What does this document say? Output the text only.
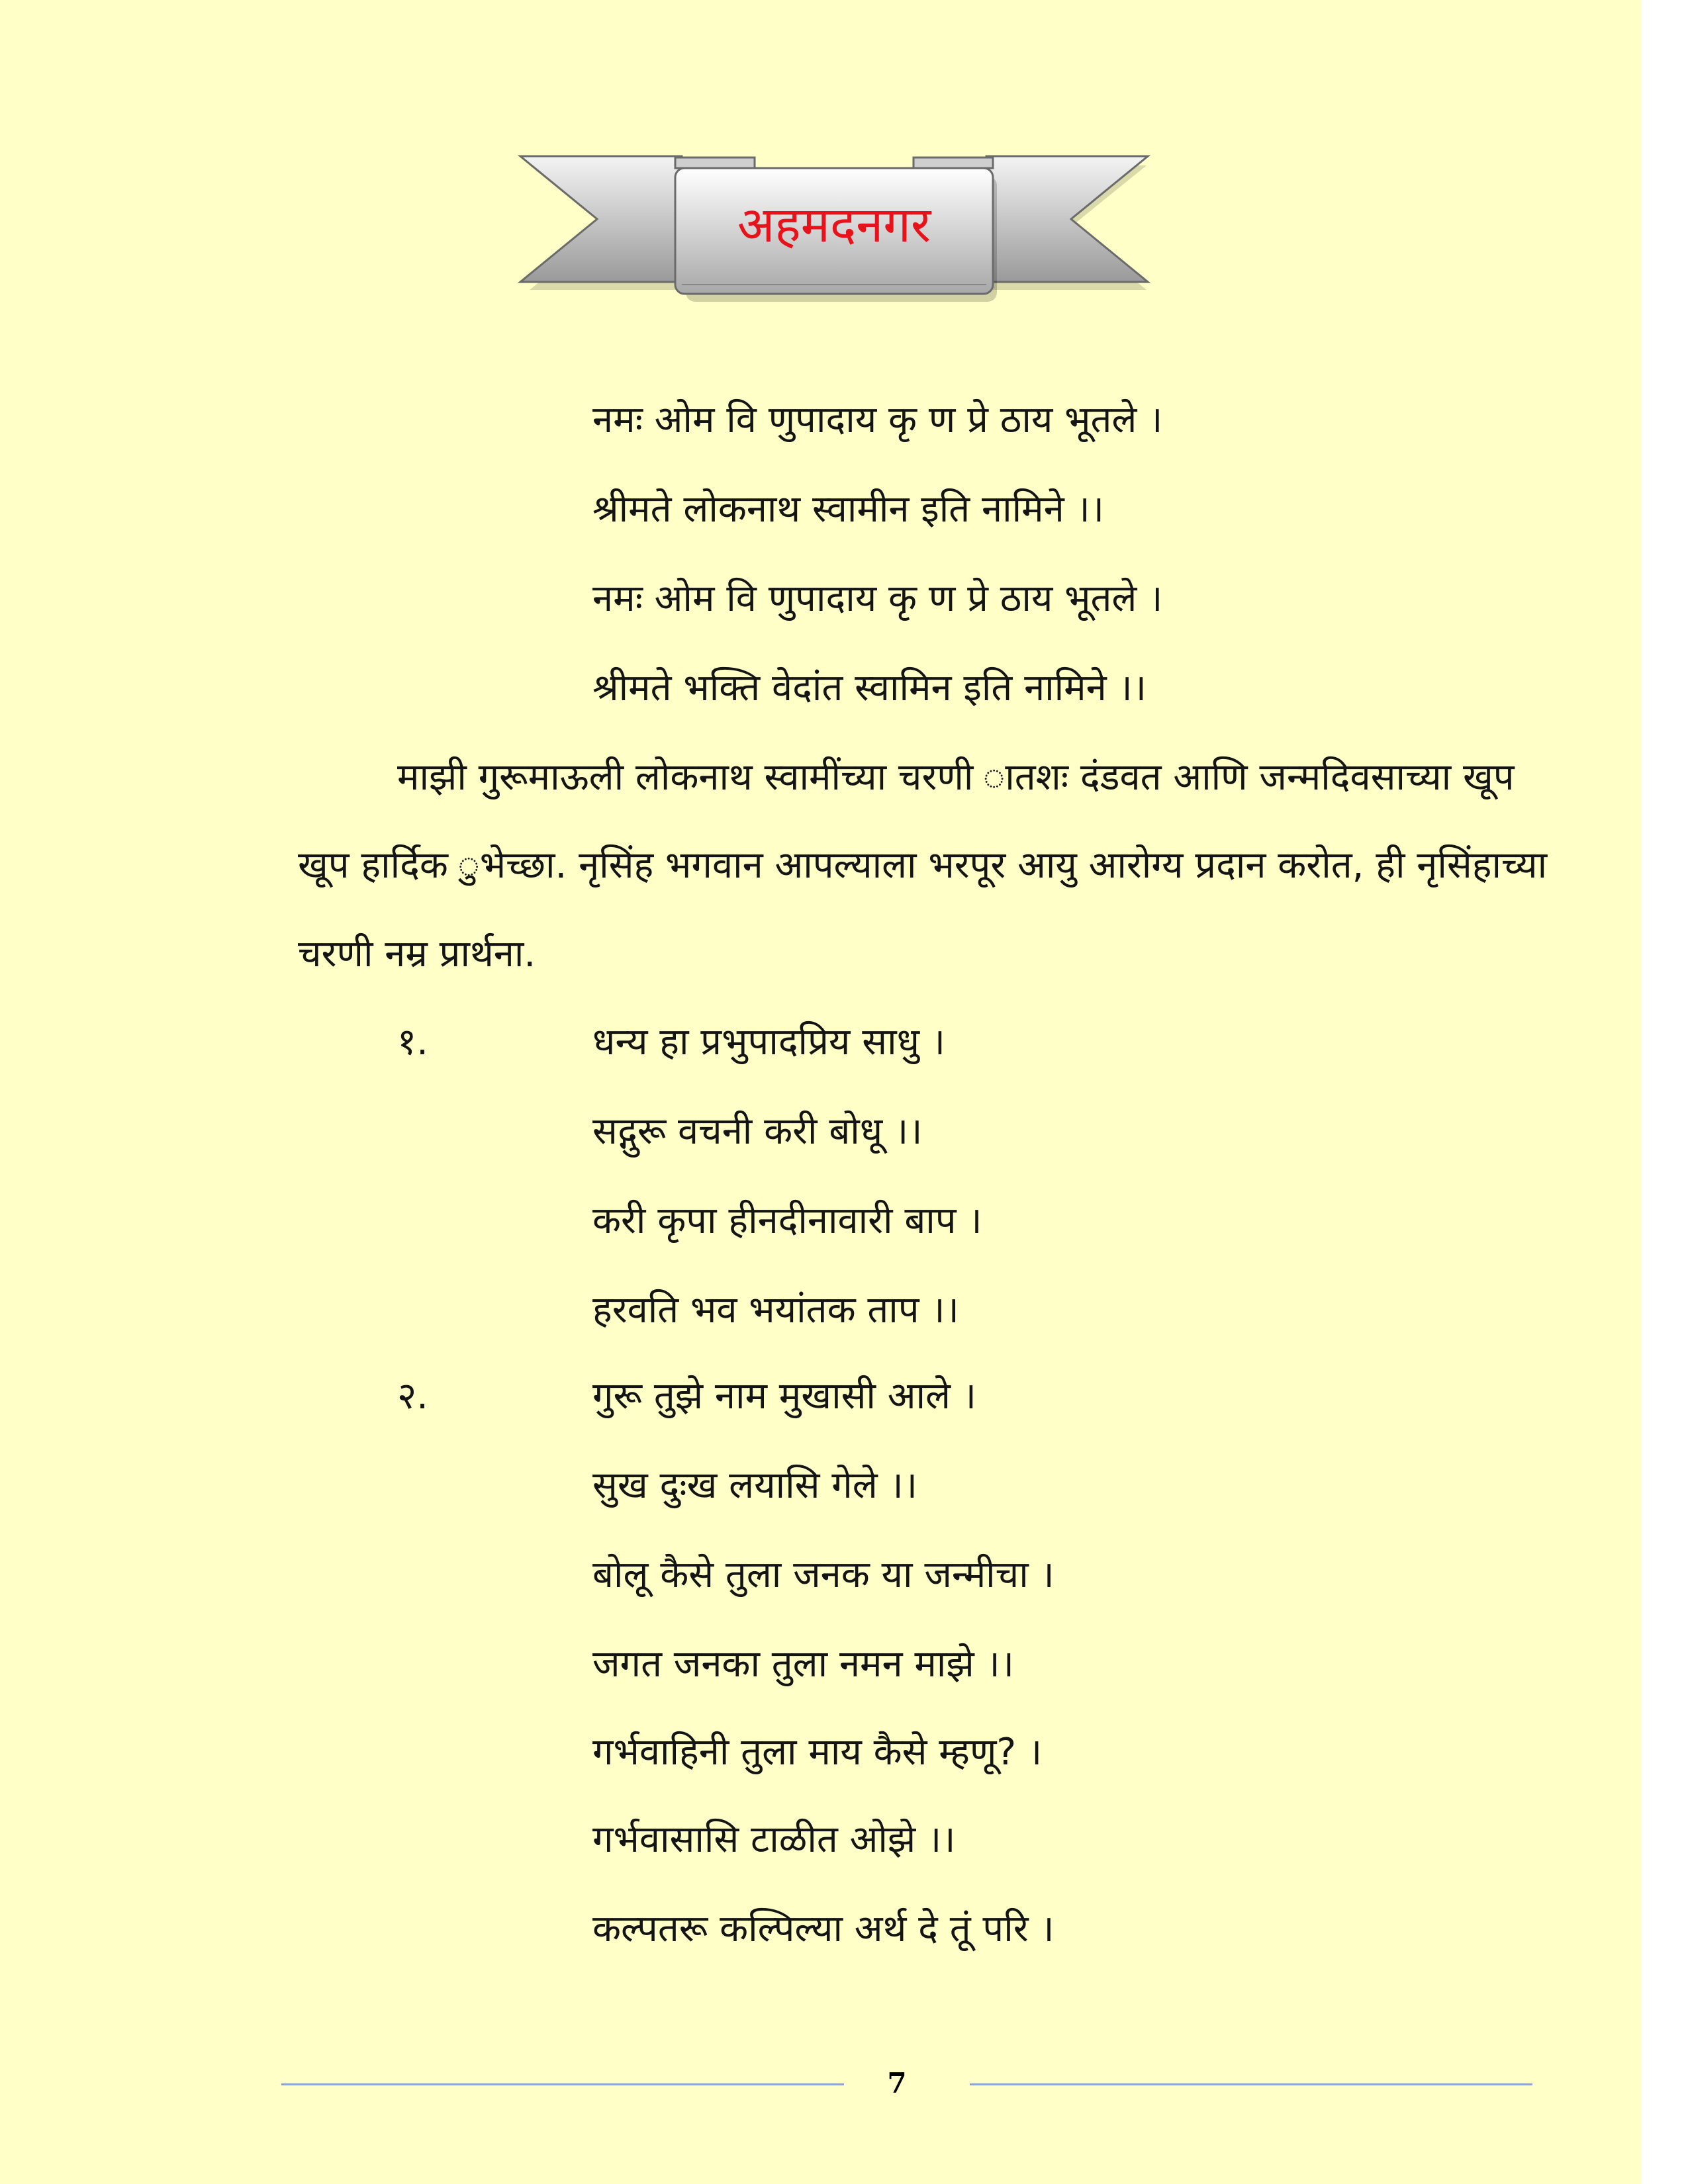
अहमदनगर
नमः ओम वि णुपादाय कृ ण प्रे ठाय भूतले ।
श्रीमते लोकनाथ स्वामीन इति नामिने ।।
नमः ओम वि णुपादाय कृ ण प्रे ठाय भूतले ।
श्रीमते भक्ति वेदांत स्वामिन इति नामिने ।।
माझी गुरूमाऊली लोकनाथ स्वामींच्या चरणी ातशः दंडवत आणि जन्मदिवसाच्या खूप
खूप हार्दिक ुभेच्छा. नृसिंह भगवान आपल्याला भरपूर आयु आरोग्य प्रदान करोत, ही नृसिंहाच्या
चरणी नम्र प्रार्थना.
१.	धन्य हा प्रभुपादप्रिय साधु ।
सद्गुरू वचनी करी बोधू ।।
करी कृपा हीनदीनावारी बाप ।
हरवति भव भयांतक ताप ।।
२.	गुरू तुझे नाम मुखासी आले ।
सुख दुःख लयासि गेले ।।
बोलू कैसे तुला जनक या जन्मीचा ।
जगत जनका तुला नमन माझे ।।
गर्भवाहिनी तुला माय कैसे म्हणू? ।
गर्भवासासि टाळीत ओझे ।।
कल्पतरू कल्पिल्या अर्थ दे तूं परि ।
7
